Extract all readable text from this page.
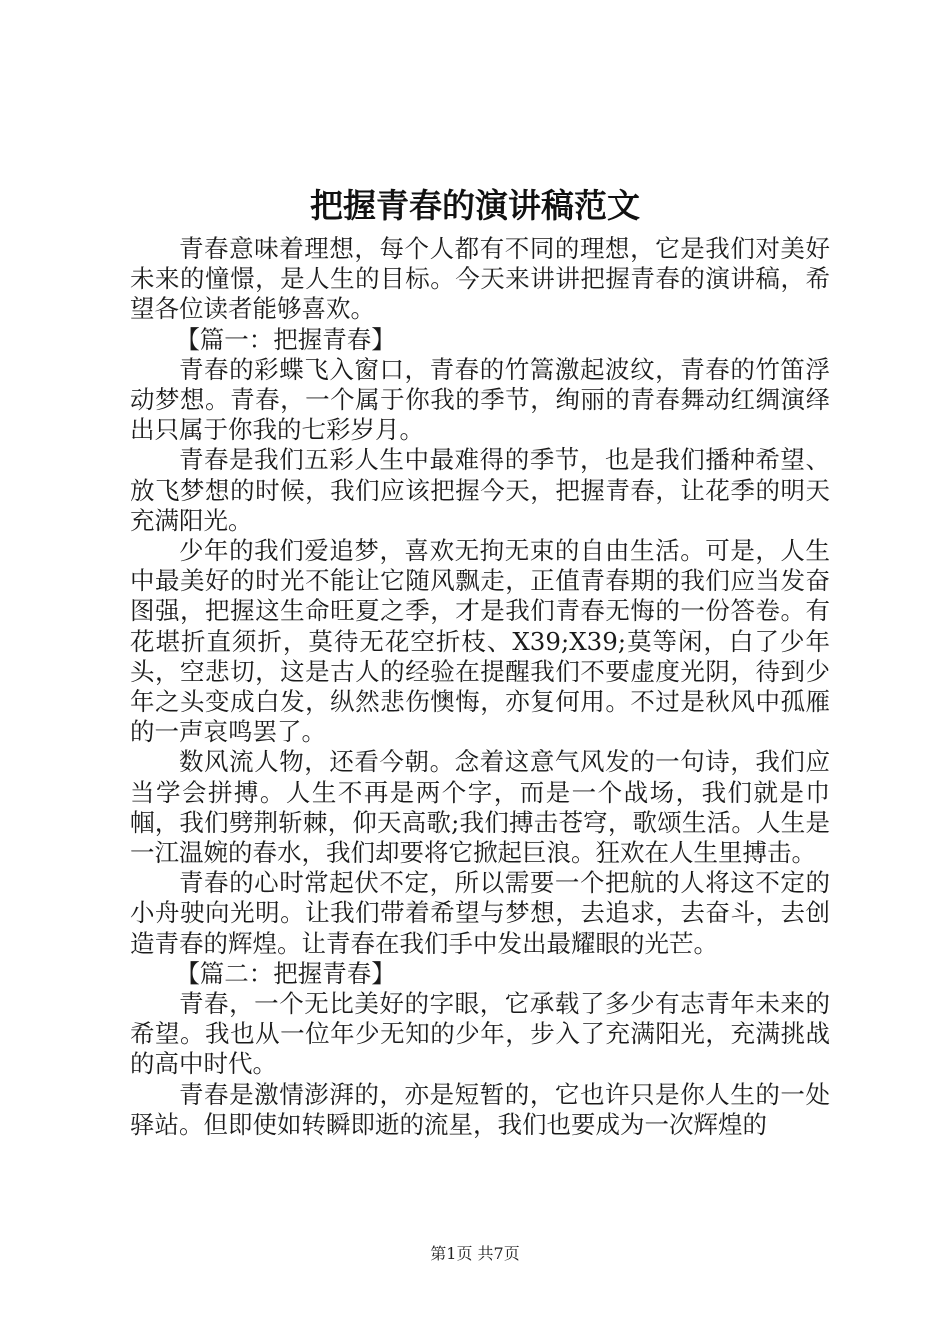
把握青春的演讲稿范文

青春意味着理想，每个人都有不同的理想，它是我们对美好未来的憧憬，是人生的目标。今天来讲讲把握青春的演讲稿，希望各位读者能够喜欢。

【篇一：把握青春】

青春的彩蝶飞入窗口，青春的竹篙激起波纹，青春的竹笛浮动梦想。青春，一个属于你我的季节，绚丽的青春舞动红绸演绎出只属于你我的七彩岁月。

青春是我们五彩人生中最难得的季节，也是我们播种希望、放飞梦想的时候，我们应该把握今天，把握青春，让花季的明天充满阳光。

少年的我们爱追梦，喜欢无拘无束的自由生活。可是，人生中最美好的时光不能让它随风飘走，正值青春期的我们应当发奋图强，把握这生命旺夏之季，才是我们青春无悔的一份答卷。有花堪折直须折，莫待无花空折枝、X39;X39;莫等闲，白了少年头，空悲切，这是古人的经验在提醒我们不要虚度光阴，待到少年之头变成白发，纵然悲伤懊悔，亦复何用。不过是秋风中孤雁的一声哀鸣罢了。

数风流人物，还看今朝。念着这意气风发的一句诗，我们应当学会拼搏。人生不再是两个字，而是一个战场，我们就是巾帼，我们劈荆斩棘，仰天高歌;我们搏击苍穹，歌颂生活。人生是一江温婉的春水，我们却要将它掀起巨浪。狂欢在人生里搏击。

青春的心时常起伏不定，所以需要一个把航的人将这不定的小舟驶向光明。让我们带着希望与梦想，去追求，去奋斗，去创造青春的辉煌。让青春在我们手中发出最耀眼的光芒。

【篇二：把握青春】

青春，一个无比美好的字眼，它承载了多少有志青年未来的希望。我也从一位年少无知的少年，步入了充满阳光，充满挑战的高中时代。

青春是激情澎湃的，亦是短暂的，它也许只是你人生的一处驿站。但即使如转瞬即逝的流星，我们也要成为一次辉煌的

第1页 共7页
